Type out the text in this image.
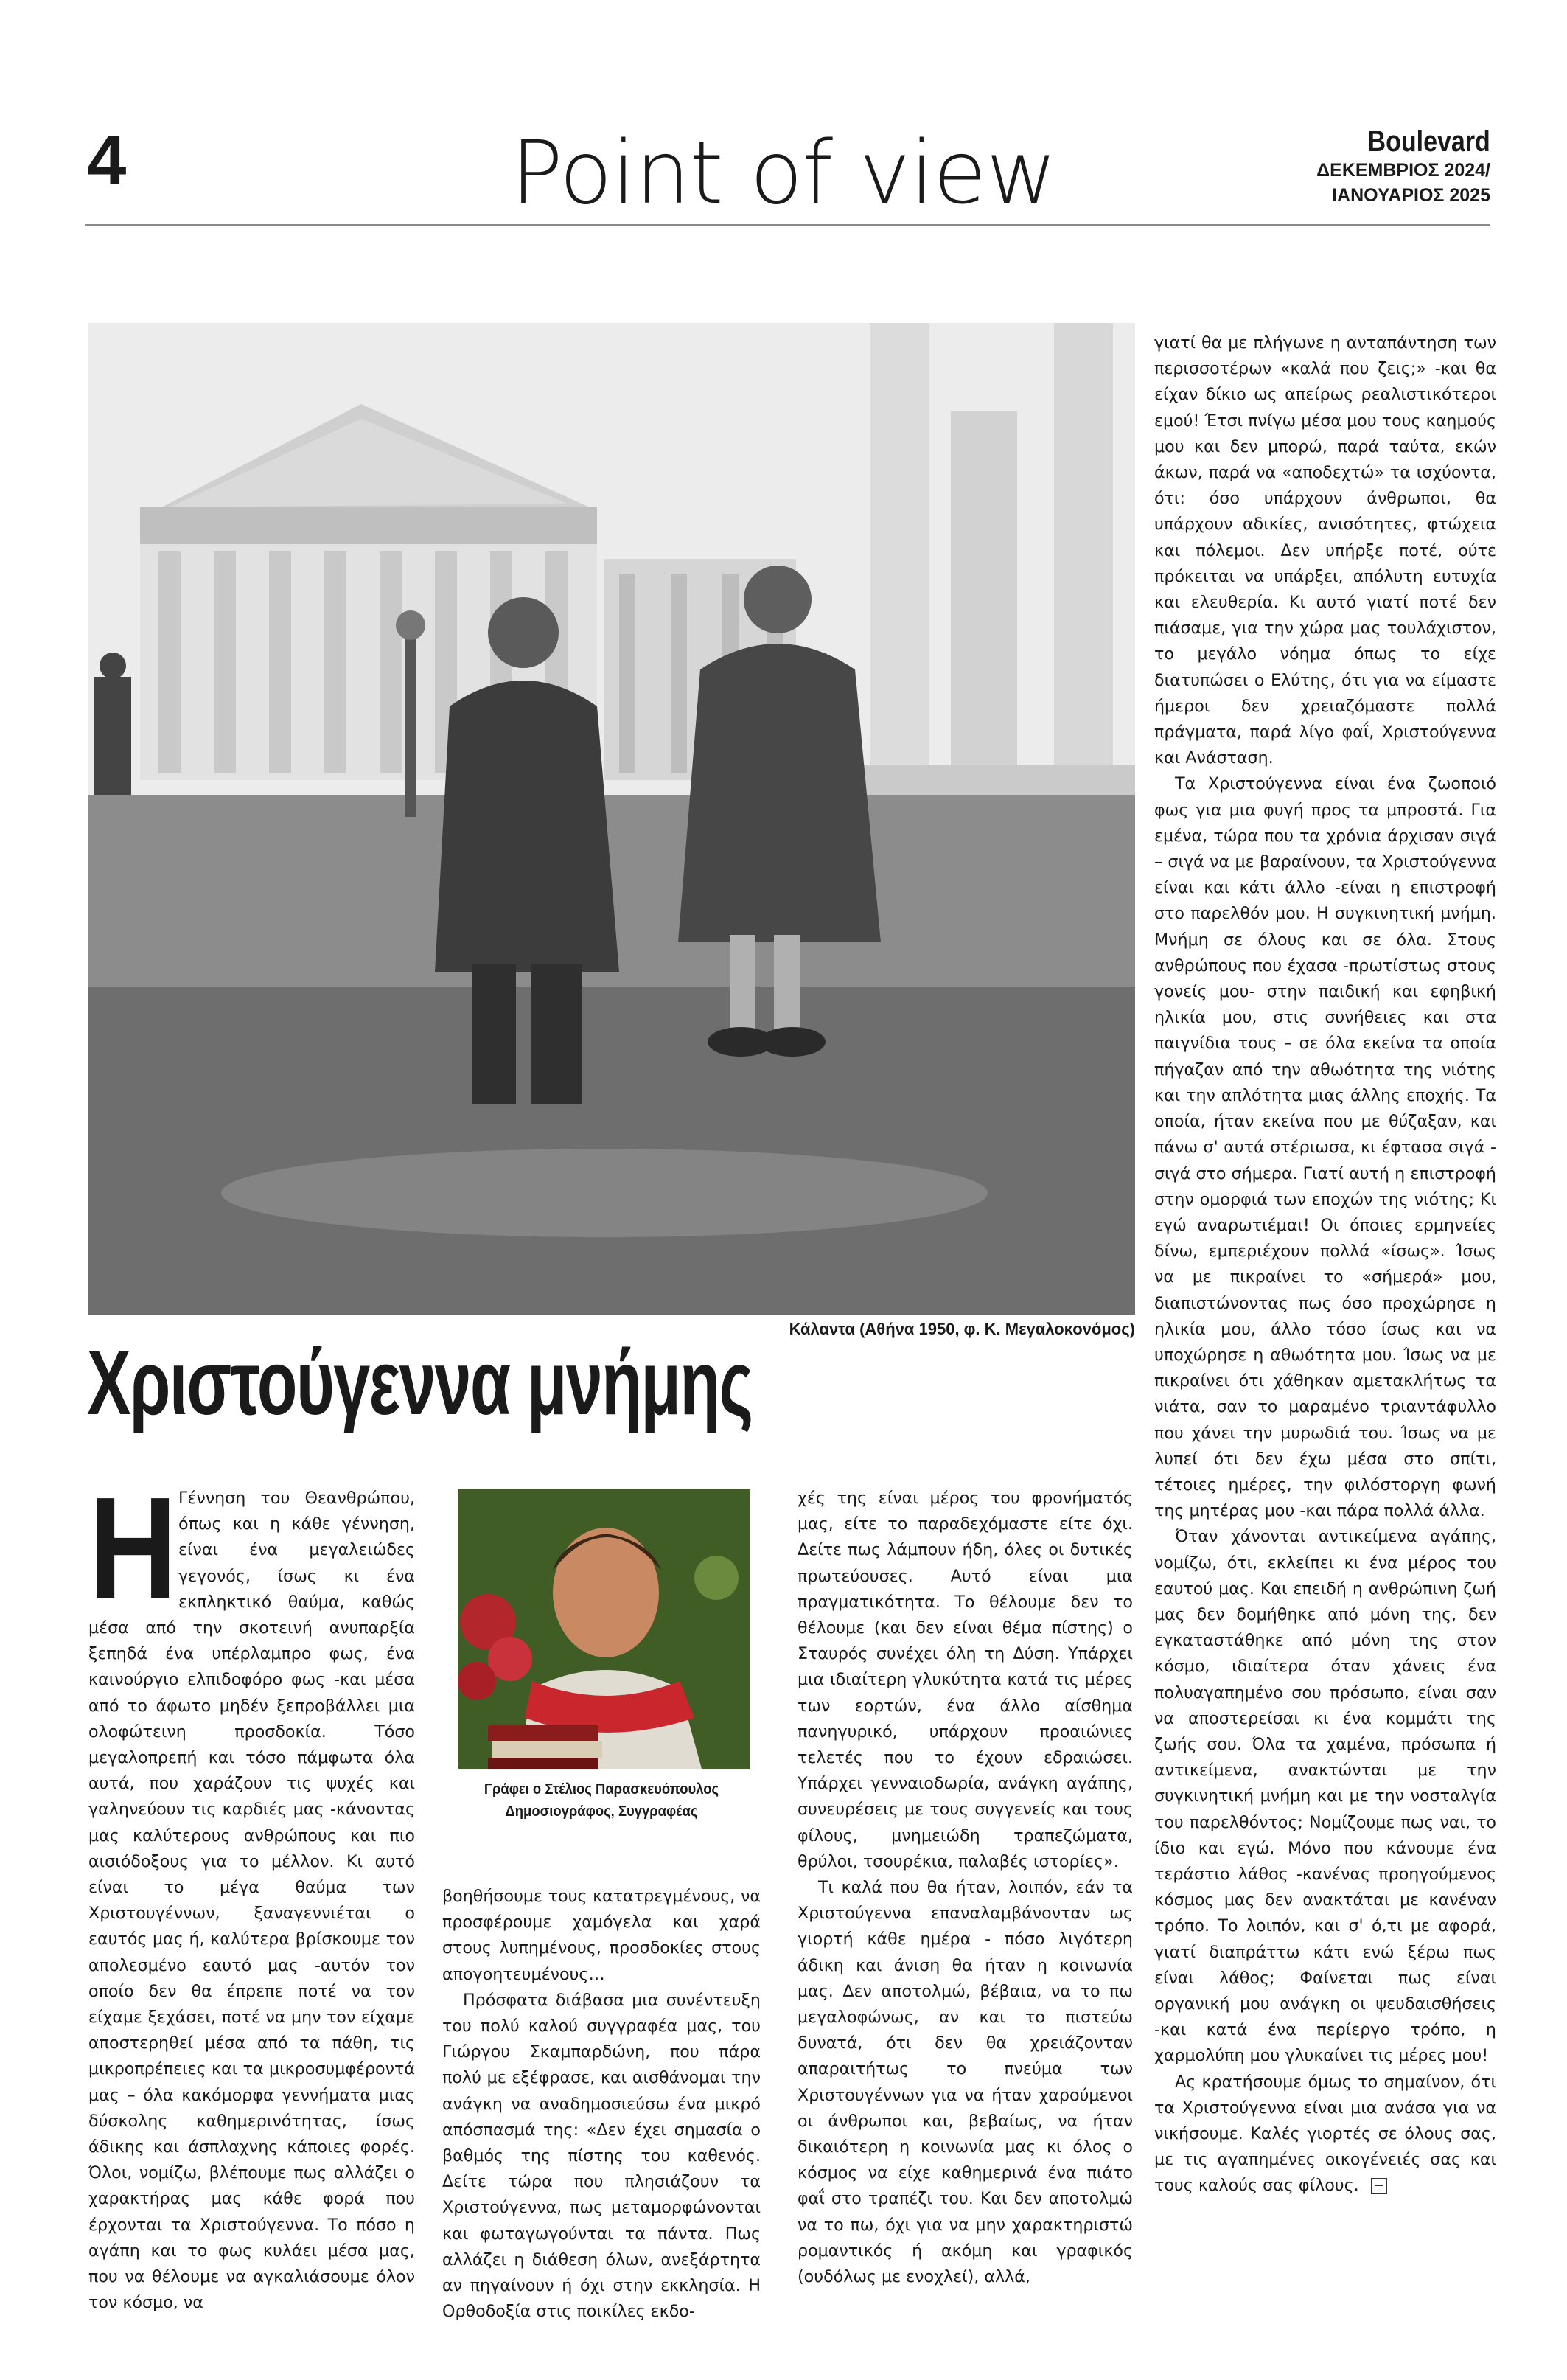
4	Point of view	Boulevard
ΔΕΚΕΜΒΡΙΟΣ 2024/
ΙΑΝΟΥΑΡΙΟΣ 2025
Κάλαντα (Αθήνα 1950, φ. Κ. Μεγαλοκονόμος)
Χριστούγεννα μνήμης

Η Γέννηση του Θεανθρώπου, όπως και η κάθε γέννηση, είναι ένα μεγαλειώδες γεγονός, ίσως κι ένα εκπληκτικό θαύμα, καθώς μέσα από την σκοτεινή ανυπαρξία ξεπηδά ένα υπέρλαμπρο φως, ένα καινούργιο ελπιδοφόρο φως -και μέσα από το άφωτο μηδέν ξεπροβάλλει μια ολοφώτεινη προσδοκία. Τόσο μεγαλοπρεπή και τόσο πάμφωτα όλα αυτά, που χαράζουν τις ψυχές και γαληνεύουν τις καρδιές μας -κάνοντας μας καλύτερους ανθρώπους και πιο αισιόδοξους για το μέλλον. Κι αυτό είναι το μέγα θαύμα των Χριστουγέννων, ξαναγεννιέται ο εαυτός μας ή, καλύτερα βρίσκουμε τον απολεσμένο εαυτό μας -αυτόν τον οποίο δεν θα έπρεπε ποτέ να τον είχαμε ξεχάσει, ποτέ να μην τον είχαμε αποστερηθεί μέσα από τα πάθη, τις μικροπρέπειες και τα μικροσυμφέροντά μας – όλα κακόμορφα γεννήματα μιας δύσκολης καθημερινότητας, ίσως άδικης και άσπλαχνης κάποιες φορές. Όλοι, νομίζω, βλέπουμε πως αλλάζει ο χαρακτήρας μας κάθε φορά που έρχονται τα Χριστούγεννα. Το πόσο η αγάπη και το φως κυλάει μέσα μας, που να θέλουμε να αγκαλιάσουμε όλον τον κόσμο, να

Γράφει ο Στέλιος Παρασκευόπουλος
Δημοσιογράφος, Συγγραφέας

βοηθήσουμε τους κατατρεγμένους, να προσφέρουμε χαμόγελα και χαρά στους λυπημένους, προσδοκίες στους απογοητευμένους…

Πρόσφατα διάβασα μια συνέντευξη του πολύ καλού συγγραφέα μας, του Γιώργου Σκαμπαρδώνη, που πάρα πολύ με εξέφρασε, και αισθάνομαι την ανάγκη να αναδημοσιεύσω ένα μικρό απόσπασμά της: «Δεν έχει σημασία ο βαθμός της πίστης του καθενός. Δείτε τώρα που πλησιάζουν τα Χριστούγεννα, πως μεταμορφώνονται και φωταγωγούνται τα πάντα. Πως αλλάζει η διάθεση όλων, ανεξάρτητα αν πηγαίνουν ή όχι στην εκκλησία. Η Ορθοδοξία στις ποικίλες εκδο-

χές της είναι μέρος του φρονήματός μας, είτε το παραδεχόμαστε είτε όχι. Δείτε πως λάμπουν ήδη, όλες οι δυτικές πρωτεύουσες. Αυτό είναι μια πραγματικότητα. Το θέλουμε δεν το θέλουμε (και δεν είναι θέμα πίστης) ο Σταυρός συνέχει όλη τη Δύση. Υπάρχει μια ιδιαίτερη γλυκύτητα κατά τις μέρες των εορτών, ένα άλλο αίσθημα πανηγυρικό, υπάρχουν προαιώνιες τελετές που το έχουν εδραιώσει. Υπάρχει γενναιοδωρία, ανάγκη αγάπης, συνευρέσεις με τους συγγενείς και τους φίλους, μνημειώδη τραπεζώματα, θρύλοι, τσουρέκια, παλαβές ιστορίες».

Τι καλά που θα ήταν, λοιπόν, εάν τα Χριστούγεννα επαναλαμβάνονταν ως γιορτή κάθε ημέρα - πόσο λιγότερη άδικη και άνιση θα ήταν η κοινωνία μας. Δεν αποτολμώ, βέβαια, να το πω μεγαλοφώνως, αν και το πιστεύω δυνατά, ότι δεν θα χρειάζονταν απαραιτήτως το πνεύμα των Χριστουγέννων για να ήταν χαρούμενοι οι άνθρωποι και, βεβαίως, να ήταν δικαιότερη η κοινωνία μας κι όλος ο κόσμος να είχε καθημερινά ένα πιάτο φαΐ στο τραπέζι του. Και δεν αποτολμώ να το πω, όχι για να μην χαρακτηριστώ ρομαντικός ή ακόμη και γραφικός (ουδόλως με ενοχλεί), αλλά,

γιατί θα με πλήγωνε η ανταπάντηση των περισσοτέρων «καλά που ζεις;» -και θα είχαν δίκιο ως απείρως ρεαλιστικότεροι εμού! Έτσι πνίγω μέσα μου τους καημούς μου και δεν μπορώ, παρά ταύτα, εκών άκων, παρά να «αποδεχτώ» τα ισχύοντα, ότι: όσο υπάρχουν άνθρωποι, θα υπάρχουν αδικίες, ανισότητες, φτώχεια και πόλεμοι. Δεν υπήρξε ποτέ, ούτε πρόκειται να υπάρξει, απόλυτη ευτυχία και ελευθερία. Κι αυτό γιατί ποτέ δεν πιάσαμε, για την χώρα μας τουλάχιστον, το μεγάλο νόημα όπως το είχε διατυπώσει ο Ελύτης, ότι για να είμαστε ήμεροι δεν χρειαζόμαστε πολλά πράγματα, παρά λίγο φαΐ, Χριστούγεννα και Ανάσταση.

Τα Χριστούγεννα είναι ένα ζωοποιό φως για μια φυγή προς τα μπροστά. Για εμένα, τώρα που τα χρόνια άρχισαν σιγά – σιγά να με βαραίνουν, τα Χριστούγεννα είναι και κάτι άλλο -είναι η επιστροφή στο παρελθόν μου. Η συγκινητική μνήμη. Μνήμη σε όλους και σε όλα. Στους ανθρώπους που έχασα -πρωτίστως στους γονείς μου- στην παιδική και εφηβική ηλικία μου, στις συνήθειες και στα παιγνίδια τους – σε όλα εκείνα τα οποία πήγαζαν από την αθωότητα της νιότης και την απλότητα μιας άλλης εποχής. Τα οποία, ήταν εκείνα που με θύζαξαν, και πάνω σ' αυτά στέριωσα, κι έφτασα σιγά - σιγά στο σήμερα. Γιατί αυτή η επιστροφή στην ομορφιά των εποχών της νιότης; Κι εγώ αναρωτιέμαι! Οι όποιες ερμηνείες δίνω, εμπεριέχουν πολλά «ίσως». Ίσως να με πικραίνει το «σήμερά» μου, διαπιστώνοντας πως όσο προχώρησε η ηλικία μου, άλλο τόσο ίσως και να υποχώρησε η αθωότητα μου. Ίσως να με πικραίνει ότι χάθηκαν αμετακλήτως τα νιάτα, σαν το μαραμένο τριαντάφυλλο που χάνει την μυρωδιά του. Ίσως να με λυπεί ότι δεν έχω μέσα στο σπίτι, τέτοιες ημέρες, την φιλόστοργη φωνή της μητέρας μου -και πάρα πολλά άλλα.

Όταν χάνονται αντικείμενα αγάπης, νομίζω, ότι, εκλείπει κι ένα μέρος του εαυτού μας. Και επειδή η ανθρώπινη ζωή μας δεν δομήθηκε από μόνη της, δεν εγκαταστάθηκε από μόνη της στον κόσμο, ιδιαίτερα όταν χάνεις ένα πολυαγαπημένο σου πρόσωπο, είναι σαν να αποστερείσαι κι ένα κομμάτι της ζωής σου. Όλα τα χαμένα, πρόσωπα ή αντικείμενα, ανακτώνται με την συγκινητική μνήμη και με την νοσταλγία του παρελθόντος; Νομίζουμε πως ναι, το ίδιο και εγώ. Μόνο που κάνουμε ένα τεράστιο λάθος -κανένας προηγούμενος κόσμος μας δεν ανακτάται με κανέναν τρόπο. Το λοιπόν, και σ' ό,τι με αφορά, γιατί διαπράττω κάτι ενώ ξέρω πως είναι λάθος; Φαίνεται πως είναι οργανική μου ανάγκη οι ψευδαισθήσεις -και κατά ένα περίεργο τρόπο, η χαρμολύπη μου γλυκαίνει τις μέρες μου!

Ας κρατήσουμε όμως το σημαίνον, ότι τα Χριστούγεννα είναι μια ανάσα για να νικήσουμε. Καλές γιορτές σε όλους σας, με τις αγαπημένες οικογένειές σας και τους καλούς σας φίλους.
